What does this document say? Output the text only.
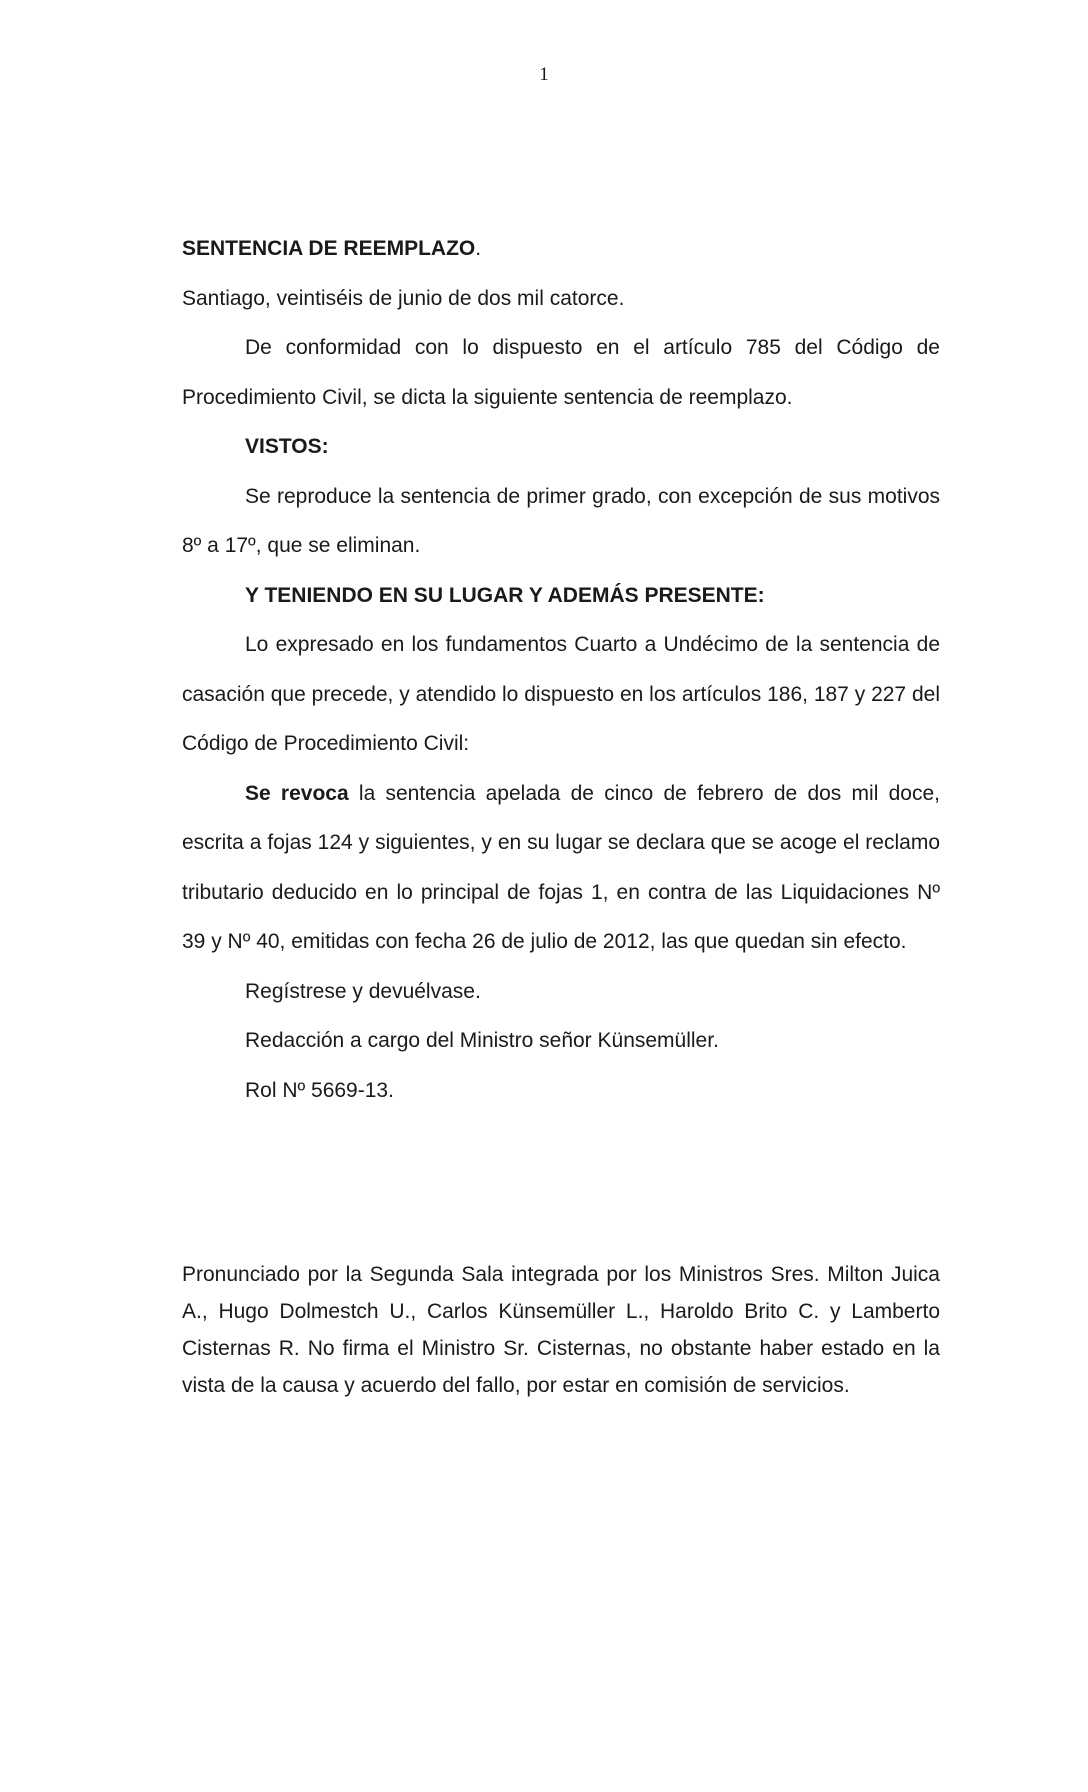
1

SENTENCIA DE REEMPLAZO.

Santiago, veintiséis de junio de dos mil catorce.

De conformidad con lo dispuesto en el artículo 785 del Código de Procedimiento Civil, se dicta la siguiente sentencia de reemplazo.

VISTOS:

Se reproduce la sentencia de primer grado, con excepción de sus motivos 8º a 17º, que se eliminan.

Y TENIENDO EN SU LUGAR Y ADEMÁS PRESENTE:

Lo expresado en los fundamentos Cuarto a Undécimo de la sentencia de casación que precede, y atendido lo dispuesto en los artículos 186, 187 y 227 del Código de Procedimiento Civil:

Se revoca la sentencia apelada de cinco de febrero de dos mil doce, escrita a fojas 124 y siguientes, y en su lugar se declara que se acoge el reclamo tributario deducido en lo principal de fojas 1, en contra de las Liquidaciones Nº 39 y Nº 40, emitidas con fecha 26 de julio de 2012, las que quedan sin efecto.

Regístrese y devuélvase.

Redacción a cargo del Ministro señor Künsemüller.

Rol Nº 5669-13.

Pronunciado por la Segunda Sala integrada por los Ministros Sres. Milton Juica A., Hugo Dolmestch U., Carlos Künsemüller L., Haroldo Brito C. y Lamberto Cisternas R. No firma el Ministro Sr. Cisternas, no obstante haber estado en la vista de la causa y acuerdo del fallo, por estar en comisión de servicios.
